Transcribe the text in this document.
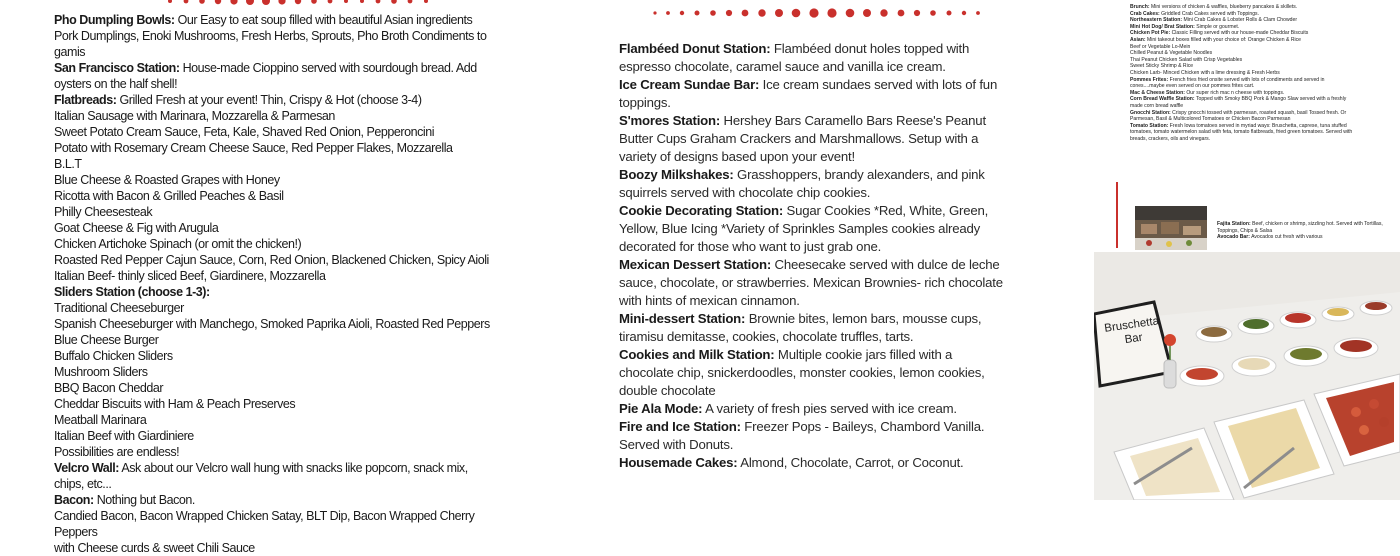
Pho Dumpling Bowls: Our Easy to eat soup filled with beautiful Asian ingredients Pork Dumplings, Enoki Mushrooms, Fresh Herbs, Sprouts, Pho Broth Condiments to gamis

San Francisco Station: House-made Cioppino served with sourdough bread. Add oysters on the half shell!

Flatbreads: Grilled Fresh at your event! Thin, Crispy & Hot (choose 3-4)

Italian Sausage with Marinara, Mozzarella & Parmesan

Sweet Potato Cream Sauce, Feta, Kale, Shaved Red Onion, Pepperoncini

Potato with Rosemary Cream Cheese Sauce, Red Pepper Flakes, Mozzarella

B.L.T

Blue Cheese & Roasted Grapes with Honey

Ricotta with Bacon & Grilled Peaches & Basil

Philly Cheesesteak

Goat Cheese & Fig with Arugula

Chicken Artichoke Spinach (or omit the chicken!)

Roasted Red Pepper Cajun Sauce, Corn, Red Onion, Blackened Chicken, Spicy Aioli

Italian Beef- thinly sliced Beef, Giardinere, Mozzarella

Sliders Station (choose 1-3):

Traditional Cheeseburger

Spanish Cheeseburger with Manchego, Smoked Paprika Aioli, Roasted Red Peppers

Blue Cheese Burger

Buffalo Chicken Sliders

Mushroom Sliders

BBQ Bacon Cheddar

Cheddar Biscuits with Ham & Peach Preserves

Meatball Marinara

Italian Beef with Giardiniere

Possibilities are endless!

Velcro Wall: Ask about our Velcro wall hung with snacks like popcorn, snack mix, chips, etc...

Bacon: Nothing but Bacon.

Candied Bacon, Bacon Wrapped Chicken Satay, BLT Dip, Bacon Wrapped Cherry Peppers

with Cheese curds & sweet Chili Sauce

Flambéed Donut Station: Flambéed donut holes topped with espresso chocolate, caramel sauce and vanilla ice cream.

Ice Cream Sundae Bar: Ice cream sundaes served with lots of fun toppings.

S'mores Station: Hershey Bars Caramello Bars Reese's Peanut Butter Cups Graham Crackers and Marshmallows. Setup with a variety of designs based upon your event!

Boozy Milkshakes: Grasshoppers, brandy alexanders, and pink squirrels served with chocolate chip cookies.

Cookie Decorating Station: Sugar Cookies *Red, White, Green, Yellow, Blue Icing *Variety of Sprinkles Samples cookies already decorated for those who want to just grab one.

Mexican Dessert Station: Cheesecake served with dulce de leche sauce, chocolate, or strawberries. Mexican Brownies- rich chocolate with hints of mexican cinnamon.

Mini-dessert Station: Brownie bites, lemon bars, mousse cups, tiramisu demitasse, cookies, chocolate truffles, tarts.

Cookies and Milk Station: Multiple cookie jars filled with a chocolate chip, snickerdoodles, monster cookies, lemon cookies, double chocolate

Pie Ala Mode: A variety of fresh pies served with ice cream.

Fire and Ice Station: Freezer Pops - Baileys, Chambord Vanilla. Served with Donuts.

Housemade Cakes: Almond, Chocolate, Carrot, or Coconut.

Brunch: Mini versions of chicken & waffles, blueberry pancakes & skillets.

Crab Cakes: Griddled Crab Cakes served with Toppings.

Northeastern Station: Mini Crab Cakes & Lobster Rolls & Clam Chowder

Mini Hot Dog/ Brat Station: Simple or gourmet.

Chicken Pot Pie: Classic Filling served with our house-made Cheddar Biscuits

Asian: Mini takeout boxes filled with your choice of: Orange Chicken & Rice

Beef or Vegetable Lo-Mein

Chilled Peanut & Vegetable Noodles

Thai Peanut Chicken Salad with Crisp Vegetables

Sweet Sticky Shrimp & Rice

Chicken Larb- Minced Chicken with a lime dressing & Fresh Herbs

Pommes Frites: French fries fried onsite served with lots of condiments and served in cones....maybe even served on our pommes frites cart.

Mac & Cheese Station: Our super rich mac n cheese with toppings.

Corn Bread Waffle Station: Topped with Smoky BBQ Pork & Mango Slaw served with a freshly made corn bread waffle

Gnocchi Station: Crispy gnocchi tossed with parmesan, roasted squash, basil Tossed fresh. Or Parmesan, Basil & Multicolored Tomatoes or Chicken Bacon Parmesan

Tomato Station: Fresh Iowa tomatoes served in myriad ways: Bruschetta, caprese, tuna stuffed tomatoes, tomato watermelon salad with feta, tomato flatbreads, fried green tomatoes. Served with breads, crackers, oils and vinegars.

Fajita Station: Beef, chicken or shrimp, sizzling hot. Served with Tortillas, Toppings, Chips & Salsa

Avocado Bar: Avocados cut fresh with various

Bruschetta
Bar
